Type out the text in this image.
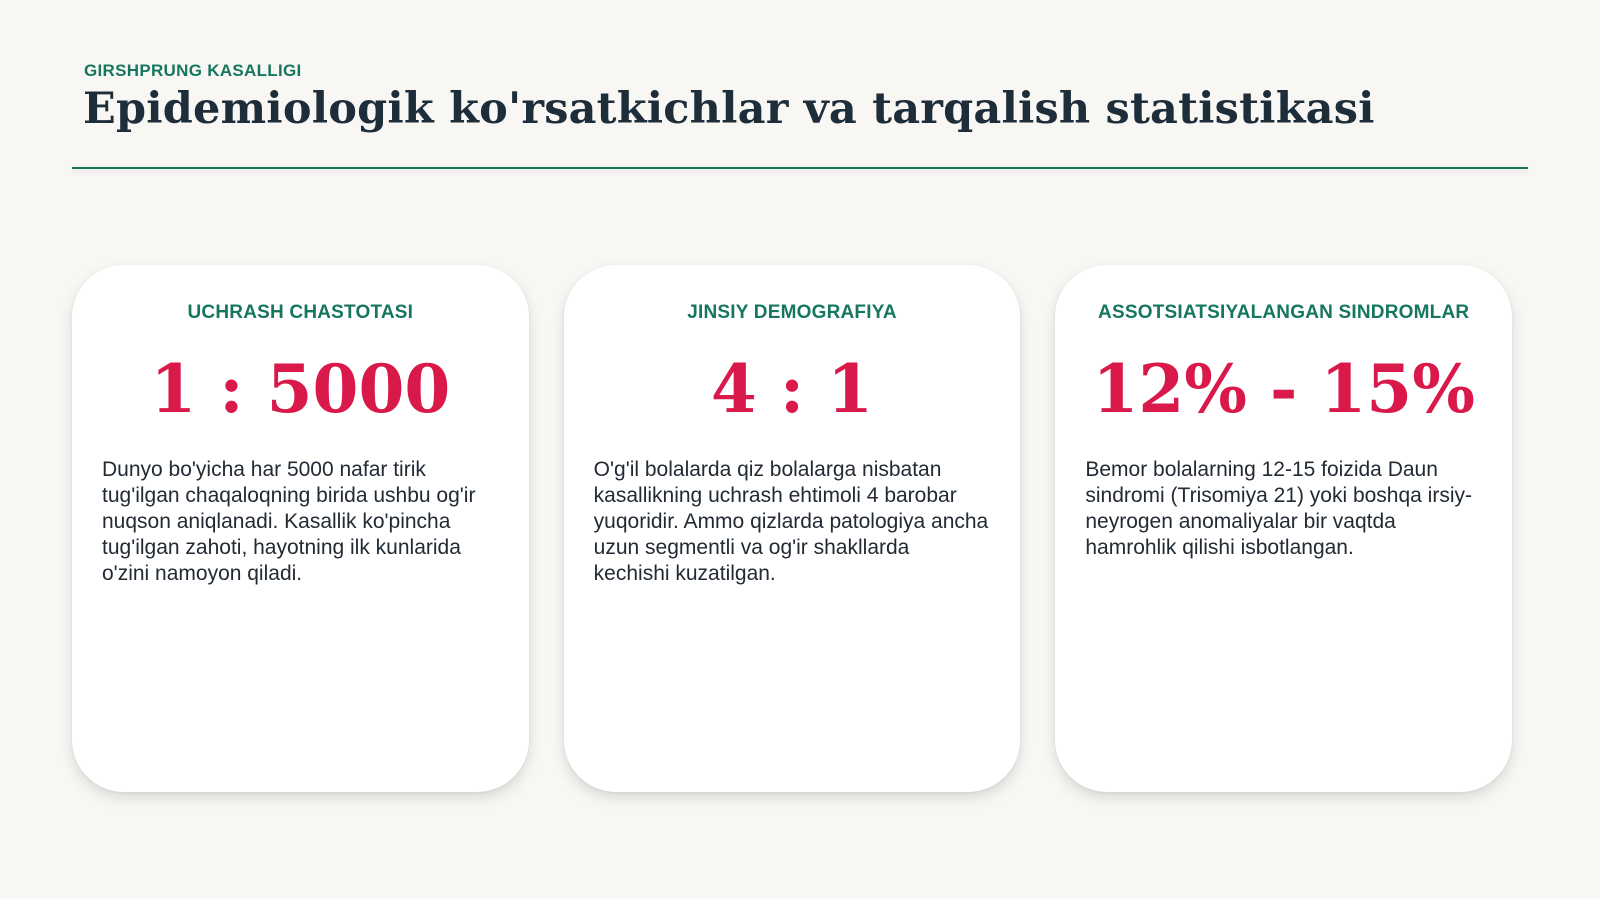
GIRSHPRUNG KASALLIGI
Epidemiologik ko'rsatkichlar va tarqalish statistikasi
UCHRASH CHASTOTASI
1 : 5000
Dunyo bo'yicha har 5000 nafar tirik tug'ilgan chaqaloqning birida ushbu og'ir nuqson aniqlanadi. Kasallik ko'pincha tug'ilgan zahoti, hayotning ilk kunlarida o'zini namoyon qiladi.
JINSIY DEMOGRAFIYA
4 : 1
O'g'il bolalarda qiz bolalarga nisbatan kasallikning uchrash ehtimoli 4 barobar yuqoridir. Ammo qizlarda patologiya ancha uzun segmentli va og'ir shakllarda kechishi kuzatilgan.
ASSOTSIATSIYALANGAN SINDROMLAR
12% - 15%
Bemor bolalarning 12-15 foizida Daun sindromi (Trisomiya 21) yoki boshqa irsiy-neyrogen anomaliyalar bir vaqtda hamrohlik qilishi isbotlangan.
